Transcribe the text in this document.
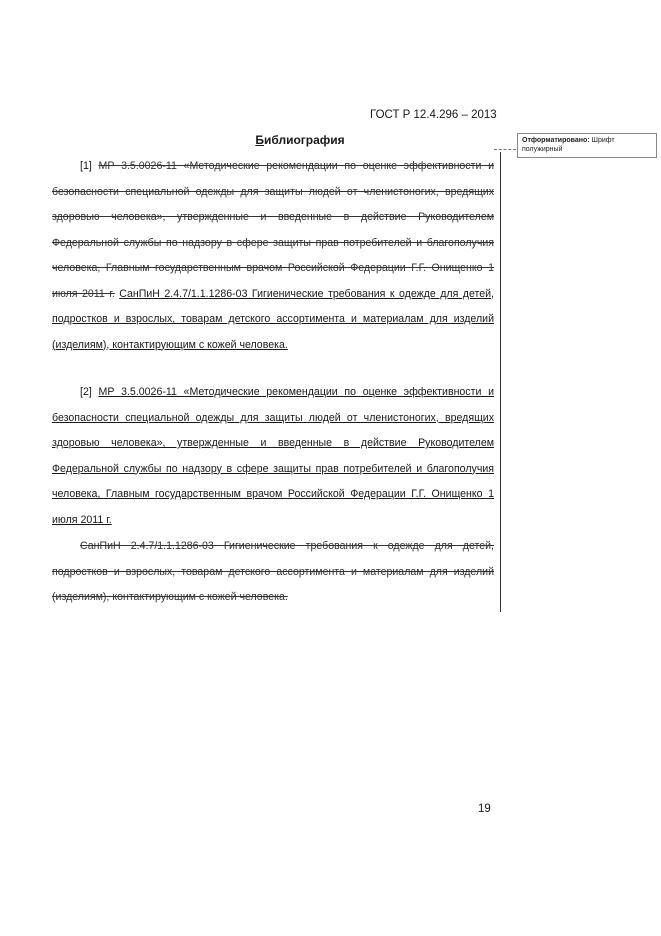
ГОСТ Р 12.4.296 – 2013
Библиография

[1] МР 3.5.0026-11 «Методические рекомендации по оценке эффективности и безопасности специальной одежды для защиты людей от членистоногих, вредящих здоровью человека», утвержденные и введенные в действие Руководителем Федеральной службы по надзору в сфере защиты прав потребителей и благополучия человека, Главным государственным врачом Российской Федерации Г.Г. Онищенко 1 июля 2011 г. СанПиН 2.4.7/1.1.1286-03 Гигиенические требования к одежде для детей, подростков и взрослых, товарам детского ассортимента и материалам для изделий (изделиям), контактирующим с кожей человека.

[2] МР 3.5.0026-11 «Методические рекомендации по оценке эффективности и безопасности специальной одежды для защиты людей от членистоногих, вредящих здоровью человека», утвержденные и введенные в действие Руководителем Федеральной службы по надзору в сфере защиты прав потребителей и благополучия человека, Главным государственным врачом Российской Федерации Г.Г. Онищенко 1 июля 2011 г.

СанПиН 2.4.7/1.1.1286-03 Гигиенические требования к одежде для детей, подростков и взрослых, товарам детского ассортимента и материалам для изделий (изделиям), контактирующим с кожей человека.

Отформатировано: Шрифт полужирный
19
